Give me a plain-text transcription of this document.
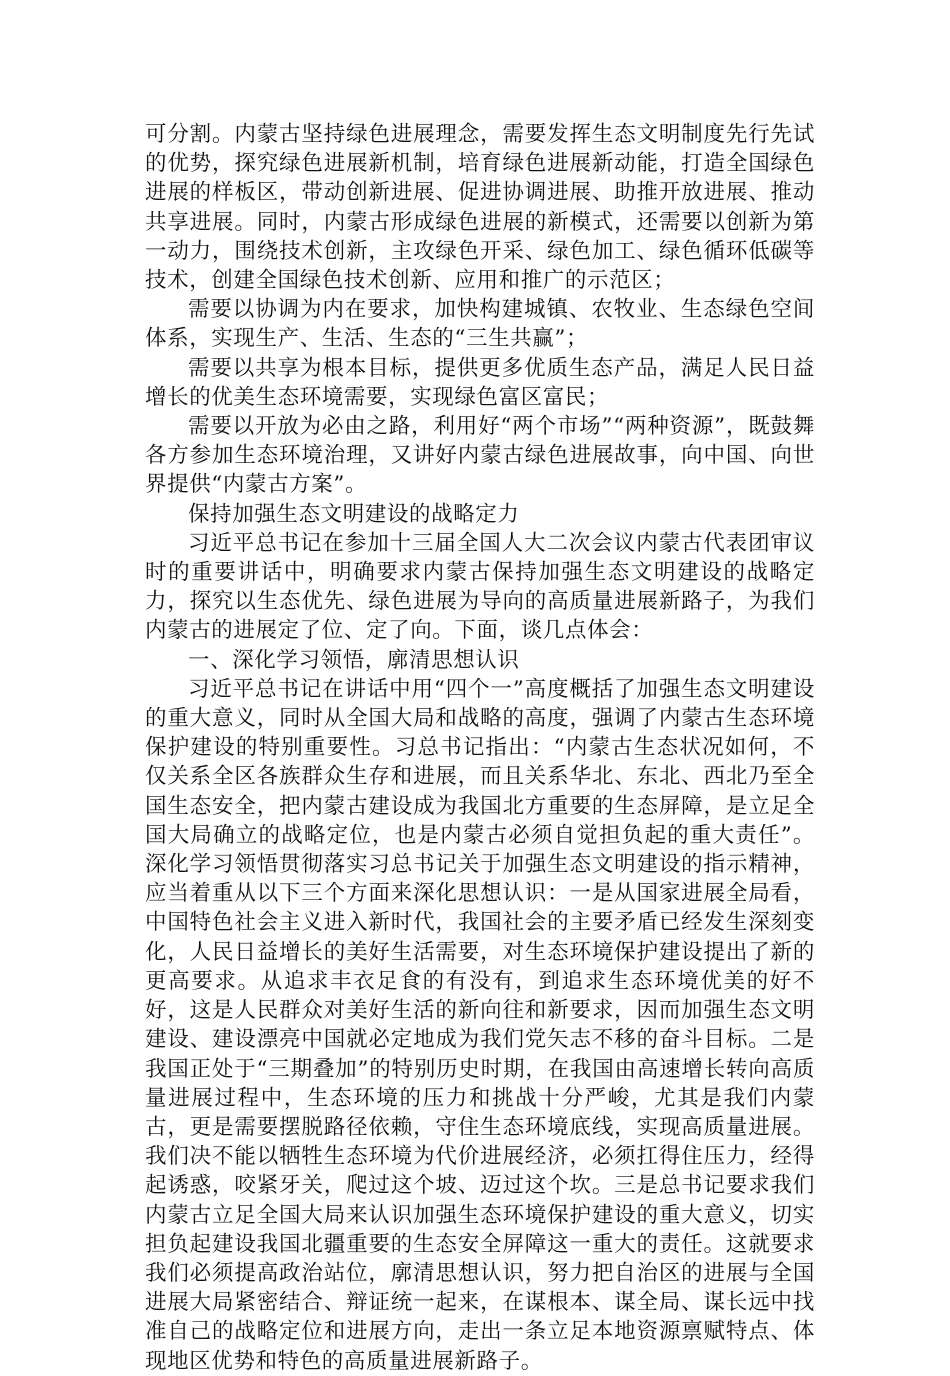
可分割。内蒙古坚持绿色进展理念，需要发挥生态文明制度先行先试的优势，探究绿色进展新机制，培育绿色进展新动能，打造全国绿色进展的样板区，带动创新进展、促进协调进展、助推开放进展、推动共享进展。同时，内蒙古形成绿色进展的新模式，还需要以创新为第一动力，围绕技术创新，主攻绿色开采、绿色加工、绿色循环低碳等技术，创建全国绿色技术创新、应用和推广的示范区；

需要以协调为内在要求，加快构建城镇、农牧业、生态绿色空间体系，实现生产、生活、生态的“三生共赢”；

需要以共享为根本目标，提供更多优质生态产品，满足人民日益增长的优美生态环境需要，实现绿色富区富民；

需要以开放为必由之路，利用好“两个市场”“两种资源”，既鼓舞各方参加生态环境治理，又讲好内蒙古绿色进展故事，向中国、向世界提供“内蒙古方案”。

保持加强生态文明建设的战略定力

习近平总书记在参加十三届全国人大二次会议内蒙古代表团审议时的重要讲话中，明确要求内蒙古保持加强生态文明建设的战略定力，探究以生态优先、绿色进展为导向的高质量进展新路子，为我们内蒙古的进展定了位、定了向。下面，谈几点体会：

一、深化学习领悟，廓清思想认识

习近平总书记在讲话中用“四个一”高度概括了加强生态文明建设的重大意义，同时从全国大局和战略的高度，强调了内蒙古生态环境保护建设的特别重要性。习总书记指出：“内蒙古生态状况如何，不仅关系全区各族群众生存和进展，而且关系华北、东北、西北乃至全国生态安全，把内蒙古建设成为我国北方重要的生态屏障，是立足全国大局确立的战略定位，也是内蒙古必须自觉担负起的重大责任”。深化学习领悟贯彻落实习总书记关于加强生态文明建设的指示精神，应当着重从以下三个方面来深化思想认识：一是从国家进展全局看，中国特色社会主义进入新时代，我国社会的主要矛盾已经发生深刻变化，人民日益增长的美好生活需要，对生态环境保护建设提出了新的更高要求。从追求丰衣足食的有没有，到追求生态环境优美的好不好，这是人民群众对美好生活的新向往和新要求，因而加强生态文明建设、建设漂亮中国就必定地成为我们党矢志不移的奋斗目标。二是我国正处于“三期叠加”的特别历史时期，在我国由高速增长转向高质量进展过程中，生态环境的压力和挑战十分严峻，尤其是我们内蒙古，更是需要摆脱路径依赖，守住生态环境底线，实现高质量进展。我们决不能以牺牲生态环境为代价进展经济，必须扛得住压力，经得起诱惑，咬紧牙关，爬过这个坡、迈过这个坎。三是总书记要求我们内蒙古立足全国大局来认识加强生态环境保护建设的重大意义，切实担负起建设我国北疆重要的生态安全屏障这一重大的责任。这就要求我们必须提高政治站位，廓清思想认识，努力把自治区的进展与全国进展大局紧密结合、辩证统一起来，在谋根本、谋全局、谋长远中找准自己的战略定位和进展方向，走出一条立足本地资源禀赋特点、体现地区优势和特色的高质量进展新路子。
